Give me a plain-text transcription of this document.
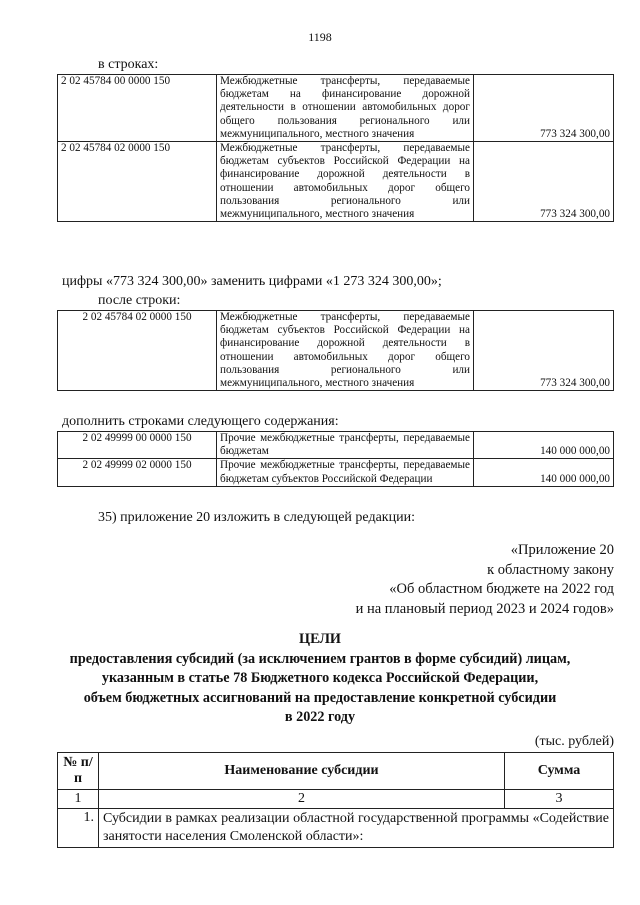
1198
в строках:
2 02 45784 00 0000 150	Межбюджетные трансферты, передаваемые бюджетам на финансирование дорожной деятельности в отношении автомобильных дорог общего пользования регионального или межмуниципального, местного значения	773 324 300,00
2 02 45784 02 0000 150	Межбюджетные трансферты, передаваемые бюджетам субъектов Российской Федерации на финансирование дорожной деятельности в отношении автомобильных дорог общего пользования регионального или межмуниципального, местного значения	773 324 300,00
цифры «773 324 300,00» заменить цифрами «1 273 324 300,00»;
после строки:
2 02 45784 02 0000 150	Межбюджетные трансферты, передаваемые бюджетам субъектов Российской Федерации на финансирование дорожной деятельности в отношении автомобильных дорог общего пользования регионального или межмуниципального, местного значения	773 324 300,00
дополнить строками следующего содержания:
2 02 49999 00 0000 150	Прочие межбюджетные трансферты, передаваемые бюджетам	140 000 000,00
2 02 49999 02 0000 150	Прочие межбюджетные трансферты, передаваемые бюджетам субъектов Российской Федерации	140 000 000,00
35) приложение 20 изложить в следующей редакции:
«Приложение 20
к областному закону
«Об областном бюджете на 2022 год
и на плановый период 2023 и 2024 годов»
ЦЕЛИ
предоставления субсидий (за исключением грантов в форме субсидий) лицам,
указанным в статье 78 Бюджетного кодекса Российской Федерации,
объем бюджетных ассигнований на предоставление конкретной субсидии
в 2022 году
(тыс. рублей)
№ п/п	Наименование субсидии	Сумма
1	2	3
1.	Субсидии в рамках реализации областной государственной программы «Содействие занятости населения Смоленской области»:	
